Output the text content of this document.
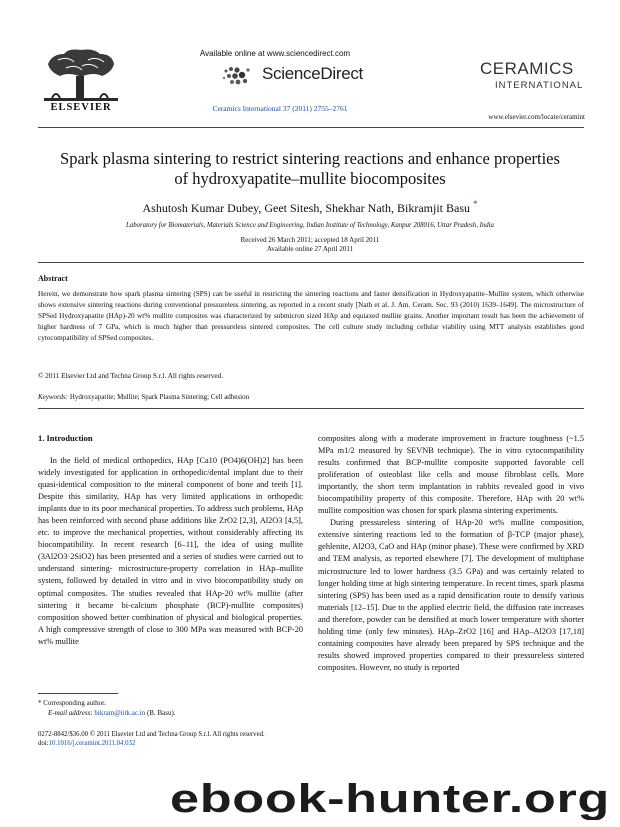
ELSEVIER
Available online at www.sciencedirect.com
ScienceDirect
Ceramics International 37 (2011) 2755–2761
CERAMICS
INTERNATIONAL
www.elsevier.com/locate/ceramint
Spark plasma sintering to restrict sintering reactions and enhance properties of hydroxyapatite–mullite biocomposites
Ashutosh Kumar Dubey, Geet Sitesh, Shekhar Nath, Bikramjit Basu *
Laboratory for Biomaterials, Materials Science and Engineering, Indian Institute of Technology, Kanpur 208016, Uttar Pradesh, India
Received 26 March 2011; accepted 18 April 2011
Available online 27 April 2011
Abstract
Herein, we demonstrate how spark plasma sintering (SPS) can be useful in restricting the sintering reactions and faster densification in Hydroxyapatite–Mullite system, which otherwise shows extensive sintering reactions during conventional pressureless sintering, as reported in a recent study [Nath et al. J. Am. Ceram. Soc. 93 (2010) 1639–1649]. The microstructure of SPSed Hydroxyapatite (HAp)-20 wt% mullite composites was characterized by submicron sized HAp and equiaxed mullite grains. Another important result has been the achievement of higher hardness of 7 GPa, which is much higher than pressureless sintered composites. The cell culture study including cellular viability using MTT analysis establishes good cytocompatibility of SPSed composites.
© 2011 Elsevier Ltd and Techna Group S.r.l. All rights reserved.
Keywords: Hydroxyapatite; Mullite; Spark Plasma Sintering; Cell adhesion
1. Introduction

In the field of medical orthopedics, HAp [Ca10 (PO4)6(OH)2] has been widely investigated for application in orthopedic/dental implant due to their quasi-identical composition to the mineral component of bone and teeth [1]. Despite this similarity, HAp has very limited applications in orthopedic implants due to its poor mechanical properties. To address such problems, HAp has been reinforced with second phase additions like ZrO2 [2,3], Al2O3 [4,5], etc. to improve the mechanical properties, without considerably affecting its biocompatibility. In recent research [6–11], the idea of using mullite (3Al2O3·2SiO2) has been presented and a series of studies were carried out to understand sintering- microstructure-property correlation in HAp–mullite system, followed by detailed in vitro and in vivo biocompatibility study on optimal composites. The studies revealed that HAp-20 wt% mullite (after sintering it became bi-calcium phosphate (BCP)-mullite composites) composition showed better combination of physical and biological properties. A high compressive strength of close to 300 MPa was measured with BCP-20 wt% mullite

composites along with a moderate improvement in fracture toughness (~1.5 MPa m1/2 measured by SEVNB technique). The in vitro cytocompatibility results confirmed that BCP-mullite composite supported favorable cell proliferation of osteoblast like cells and mouse fibroblast cells. More importantly, the short term implantation in rabbits revealed good in vivo biocompatibility property of this composite. Therefore, HAp with 20 wt% mullite composition was chosen for spark plasma sintering experiments.

During pressureless sintering of HAp-20 wt% mullite composition, extensive sintering reactions led to the formation of β-TCP (major phase), gehlenite, Al2O3, CaO and HAp (minor phase). These were confirmed by XRD and TEM analysis, as reported elsewhere [7]. The development of multiphase microstructure led to lower hardness (3.5 GPa) and was certainly related to longer holding time at high sintering temperature. In recent times, spark plasma sintering (SPS) has been used as a rapid densification route to densify various materials [12–15]. Due to the applied electric field, the diffusion rate increases and therefore, powder can be densified at much lower temperature with shorter holding time (only few minutes). HAp–ZrO2 [16] and HAp–Al2O3 [17,18] containing composites have already been prepared by SPS technique and the results showed improved properties compared to their pressureless sintered composites. However, no study is reported

* Corresponding author.
E-mail address: bikram@iitk.ac.in (B. Basu).
0272-8842/$36.00 © 2011 Elsevier Ltd and Techna Group S.r.l. All rights reserved.
doi:10.1016/j.ceramint.2011.04.032
ebook-hunter.org
